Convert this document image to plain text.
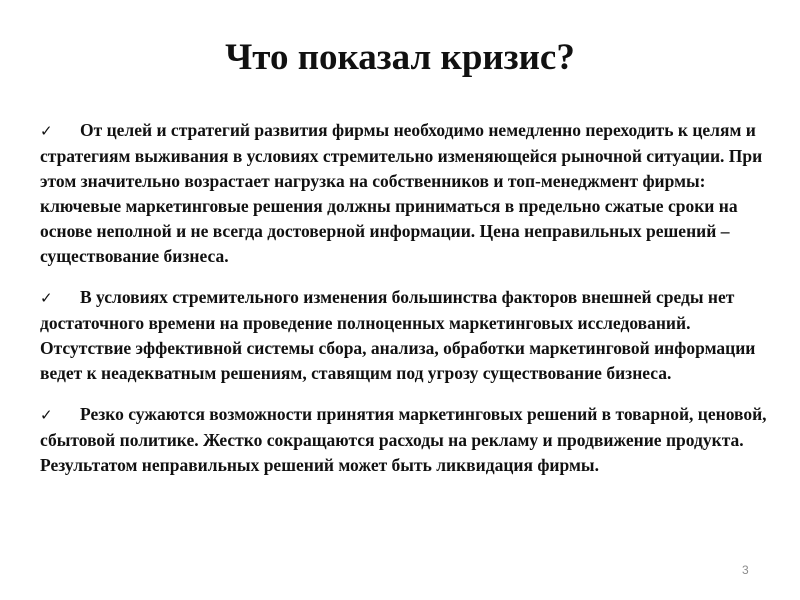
Что показал кризис?

✓ От целей и стратегий развития фирмы необходимо немедленно переходить к целям и стратегиям выживания в условиях стремительно изменяющейся рыночной ситуации. При этом значительно возрастает нагрузка на собственников и топ-менеджмент фирмы: ключевые маркетинговые решения должны приниматься в предельно сжатые сроки на основе неполной и не всегда достоверной информации. Цена неправильных решений – существование бизнеса.

✓ В условиях стремительного изменения большинства факторов внешней среды нет достаточного времени на проведение полноценных маркетинговых исследований. Отсутствие эффективной системы сбора, анализа, обработки маркетинговой информации ведет к неадекватным решениям, ставящим под угрозу существование бизнеса.

✓ Резко сужаются возможности принятия маркетинговых решений в товарной, ценовой, сбытовой политике. Жестко сокращаются расходы на рекламу и продвижение продукта. Результатом неправильных решений может быть ликвидация фирмы.

3
